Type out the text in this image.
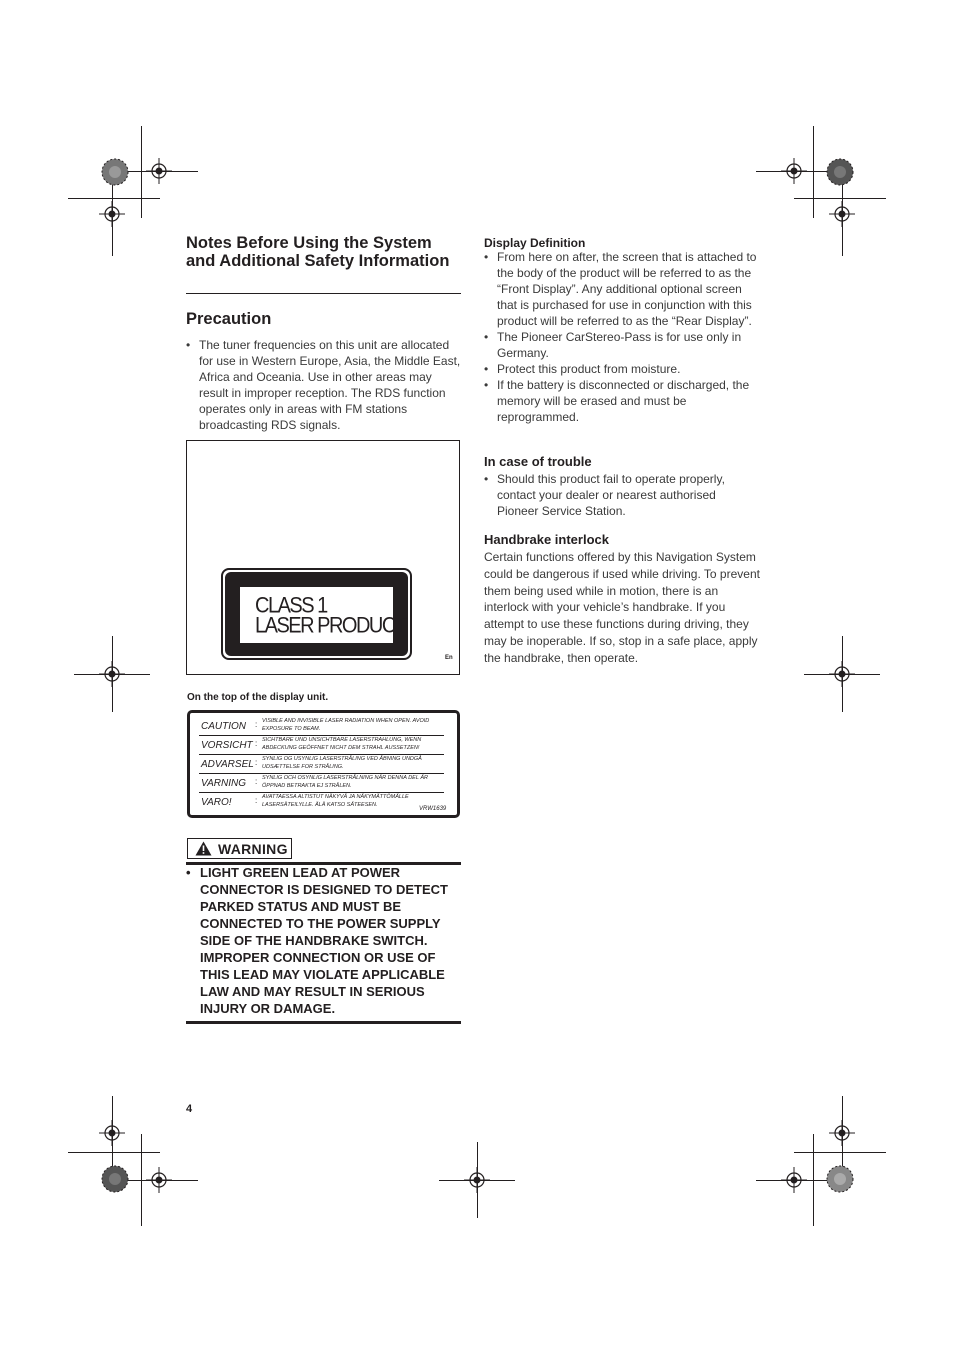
Notes Before Using the System and Additional Safety Information
Precaution
• The tuner frequencies on this unit are allocated for use in Western Europe, Asia, the Middle East, Africa and Oceania. Use in other areas may result in improper reception. The RDS function operates only in areas with FM stations broadcasting RDS signals.
CLASS 1
LASER PRODUCT
En
On the top of the display unit.
CAUTION : VISIBLE AND INVISIBLE LASER RADIATION WHEN OPEN. AVOID EXPOSURE TO BEAM.
VORSICHT : SICHTBARE UND UNSICHTBARE LASERSTRAHLUNG, WENN ABDECKUNG GEÖFFNET NICHT DEM STRAHL AUSSETZEN!
ADVARSEL : SYNLIG OG USYNLIG LASERSTRÅLING VED ÅBNING UNDGÅ UDSÆTTELSE FOR STRÅLING.
VARNING : SYNLIG OCH OSYNLIG LASERSTRÅLNING NÄR DENNA DEL ÄR ÖPPNAD BETRAKTA EJ STRÅLEN.
VARO!	: AVATTAESSA ALTISTUT NÄKYVÄ JA NÄKYMÄTTÖMÄLLE LASERSÄTEILYLLE. ÄLÄ KATSO SÄTEESEN.
VRW1639
WARNING
• LIGHT GREEN LEAD AT POWER CONNECTOR IS DESIGNED TO DETECT PARKED STATUS AND MUST BE CONNECTED TO THE POWER SUPPLY SIDE OF THE HANDBRAKE SWITCH. IMPROPER CONNECTION OR USE OF THIS LEAD MAY VIOLATE APPLICABLE LAW AND MAY RESULT IN SERIOUS INJURY OR DAMAGE.
4
Display Definition
• From here on after, the screen that is attached to the body of the product will be referred to as the “Front Display”. Any additional optional screen that is purchased for use in conjunction with this product will be referred to as the “Rear Display”.
• The Pioneer CarStereo-Pass is for use only in Germany.
• Protect this product from moisture.
• If the battery is disconnected or discharged, the memory will be erased and must be reprogrammed.
In case of trouble
• Should this product fail to operate properly, contact your dealer or nearest authorised Pioneer Service Station.
Handbrake interlock

Certain functions offered by this Navigation System could be dangerous if used while driving. To prevent them being used while in motion, there is an interlock with your vehicle’s handbrake. If you attempt to use these functions during driving, they may be inoperable. If so, stop in a safe place, apply the handbrake, then operate.
